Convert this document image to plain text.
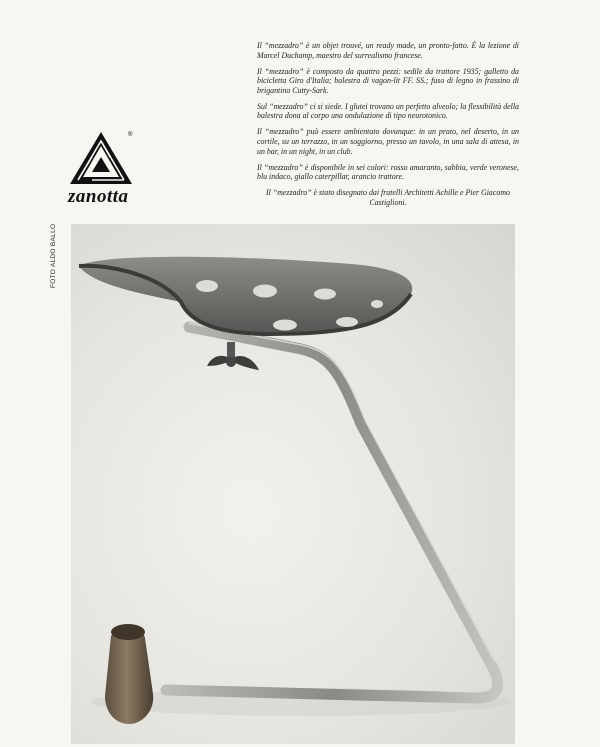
Il “mezzadro” è un objet trouvé, un ready made, un pronto-fatto. È la lezione di Marcel Duchamp, maestro del surrealismo francese.

Il “mezzadro” è composto da quattro pezzi: sedile da trattore 1935; galletto da bicicletta Giro d'Italia; balestra di vagon-lit FF. SS.; fuso di legno in frassino di brigantino Cutty-Sark.

Sul “mezzadro” ci si siede. I glutei trovano un perfetto alveolo; la flessibilità della balestra dona al corpo una ondulazione di tipo neurotonico.

Il “mezzadro” può essere ambientato dovunque: in un prato, nel deserto, in un cortile, su un terrazzo, in un soggiorno, presso un tavolo, in una sala di attesa, in un bar, in un night, in un club.

Il “mezzadro” è disponibile in sei colori: rosso amaranto, sabbia, verde veronese, blu indaco, giallo caterpillar, arancio trattore.

Il “mezzadro” è stato disegnato dai fratelli Architetti Achille e Pier Giacomo Castiglioni.

®
zanotta
FOTO ALDO BALLO
